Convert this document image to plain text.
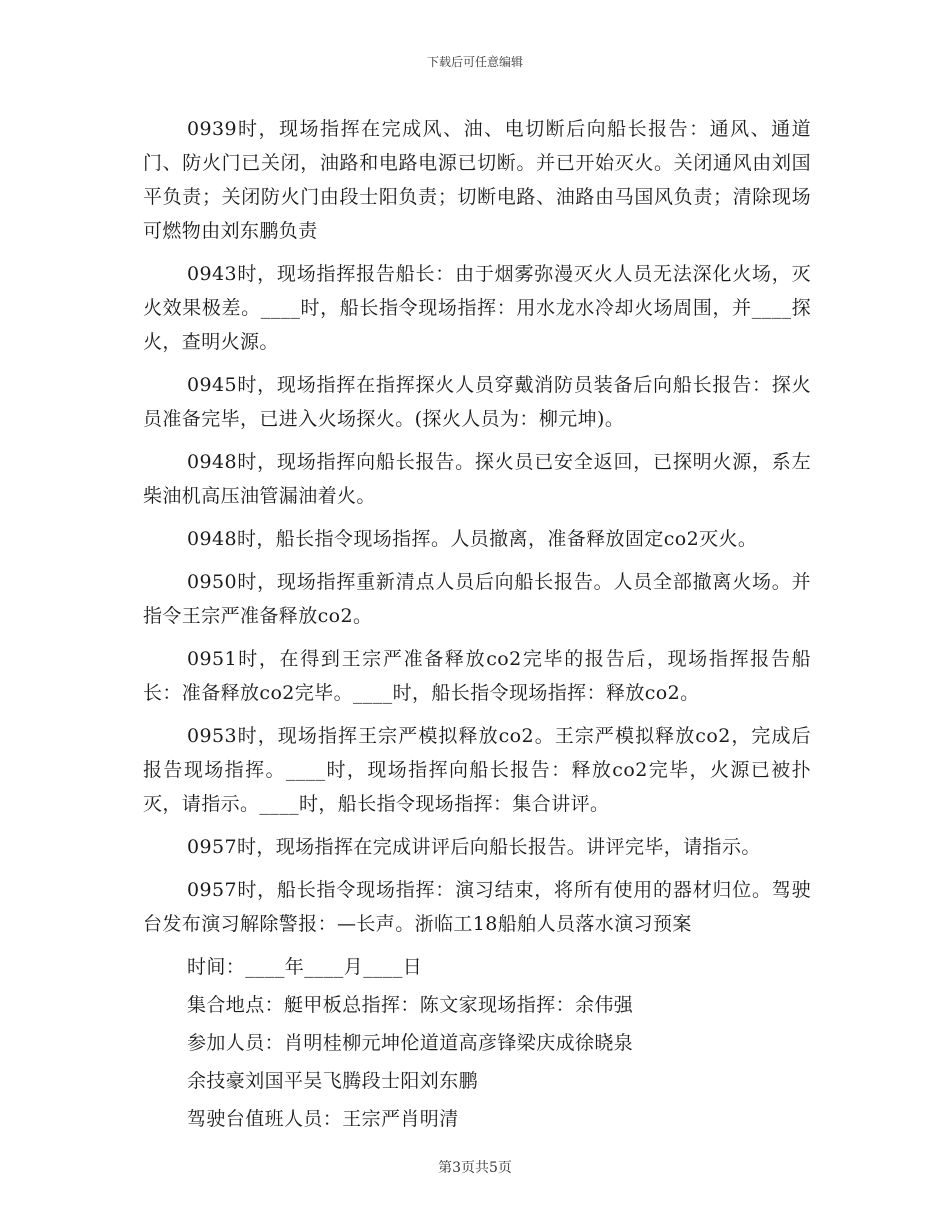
下载后可任意编辑

0939时，现场指挥在完成风、油、电切断后向船长报告：通风、通道门、防火门已关闭，油路和电路电源已切断。并已开始灭火。关闭通风由刘国平负责；关闭防火门由段士阳负责；切断电路、油路由马国风负责；清除现场可燃物由刘东鹏负责

0943时，现场指挥报告船长：由于烟雾弥漫灭火人员无法深化火场，灭火效果极差。____时，船长指令现场指挥：用水龙水冷却火场周围，并____探火，查明火源。

0945时，现场指挥在指挥探火人员穿戴消防员装备后向船长报告：探火员准备完毕，已进入火场探火。(探火人员为：柳元坤)。

0948时，现场指挥向船长报告。探火员已安全返回，已探明火源，系左柴油机高压油管漏油着火。

0948时，船长指令现场指挥。人员撤离，准备释放固定co2灭火。

0950时，现场指挥重新清点人员后向船长报告。人员全部撤离火场。并指令王宗严准备释放co2。

0951时，在得到王宗严准备释放co2完毕的报告后，现场指挥报告船长：准备释放co2完毕。____时，船长指令现场指挥：释放co2。

0953时，现场指挥王宗严模拟释放co2。王宗严模拟释放co2，完成后报告现场指挥。____时，现场指挥向船长报告：释放co2完毕，火源已被扑灭，请指示。____时，船长指令现场指挥：集合讲评。

0957时，现场指挥在完成讲评后向船长报告。讲评完毕，请指示。

0957时，船长指令现场指挥：演习结束，将所有使用的器材归位。驾驶台发布演习解除警报：—长声。浙临工18船舶人员落水演习预案

时间：____年____月____日

集合地点：艇甲板总指挥：陈文家现场指挥：余伟强

参加人员：肖明桂柳元坤伦道道高彦锋梁庆成徐晓泉

余技豪刘国平吴飞腾段士阳刘东鹏

驾驶台值班人员：王宗严肖明清

第3页共5页
